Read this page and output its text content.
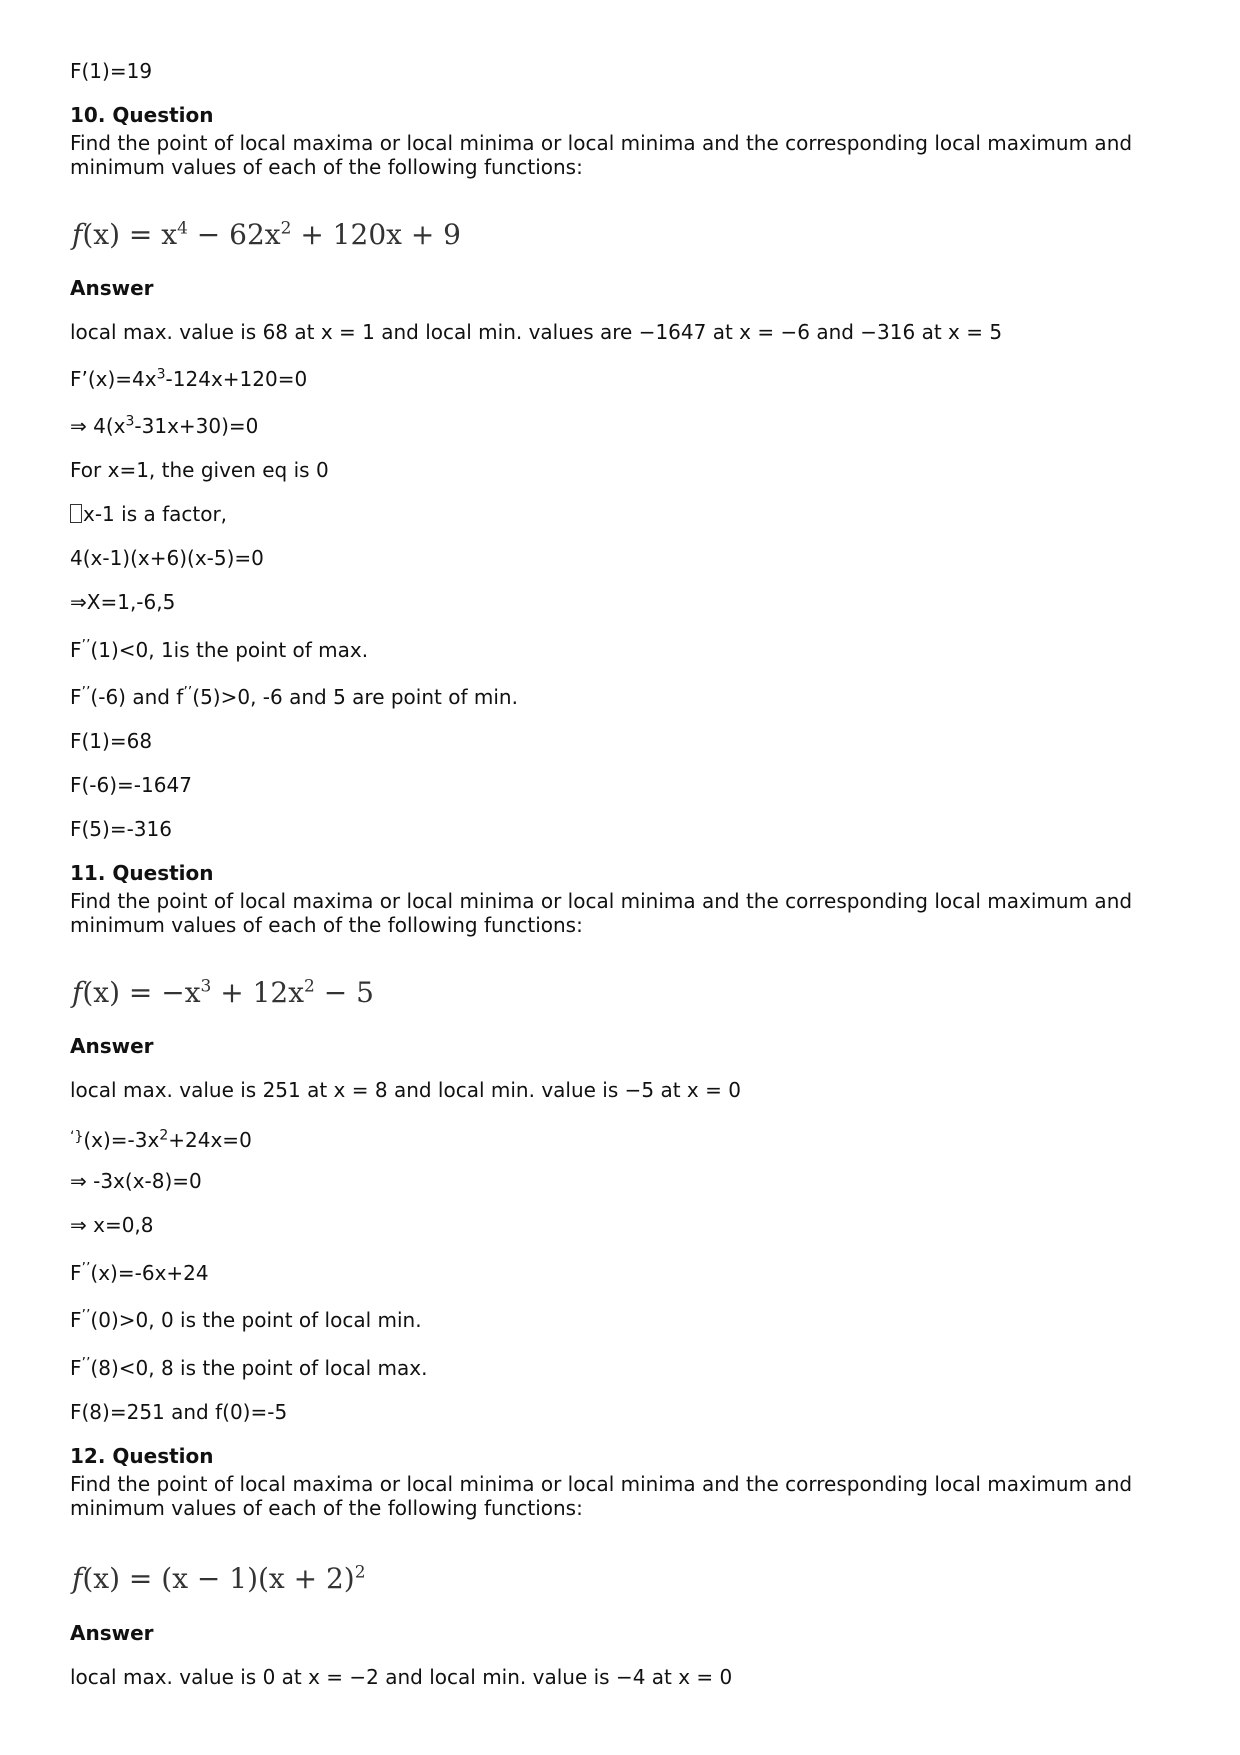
F(1)=19
10. Question
Find the point of local maxima or local minima or local minima and the corresponding local maximum and minimum values of each of the following functions:
$f(x) = x^4 - 62x^2 + 120x + 9$
Answer
local max. value is 68 at x = 1 and local min. values are −1647 at x = −6 and −316 at x = 5
$F’(x)=4x^3-124x+120=0$
⇒ $4(x^3-31x+30)=0$
For x=1, the given eq is 0
x-1 is a factor,
4(x-1)(x+6)(x-5)=0
⇒X=1,-6,5
F’’(1)<0, 1is the point of max.
F’’(-6) and f’’(5)>0, -6 and 5 are point of min.
F(1)=68
F(-6)=-1647
F(5)=-316
11. Question
Find the point of local maxima or local minima or local minima and the corresponding local maximum and minimum values of each of the following functions:
$f(x) = -x^3 + 12x^2 - 5$
Answer
local max. value is 251 at x = 8 and local min. value is −5 at x = 0
$^{‘\}}(x)=-3x^2+24x=0$
⇒ -3x(x-8)=0
⇒ x=0,8
F’’(x)=-6x+24
F’’(0)>0, 0 is the point of local min.
F’’(8)<0, 8 is the point of local max.
F(8)=251 and f(0)=-5
12. Question
Find the point of local maxima or local minima or local minima and the corresponding local maximum and minimum values of each of the following functions:
$f(x) = (x - 1)(x + 2)^2$
Answer
local max. value is 0 at x = −2 and local min. value is −4 at x = 0
